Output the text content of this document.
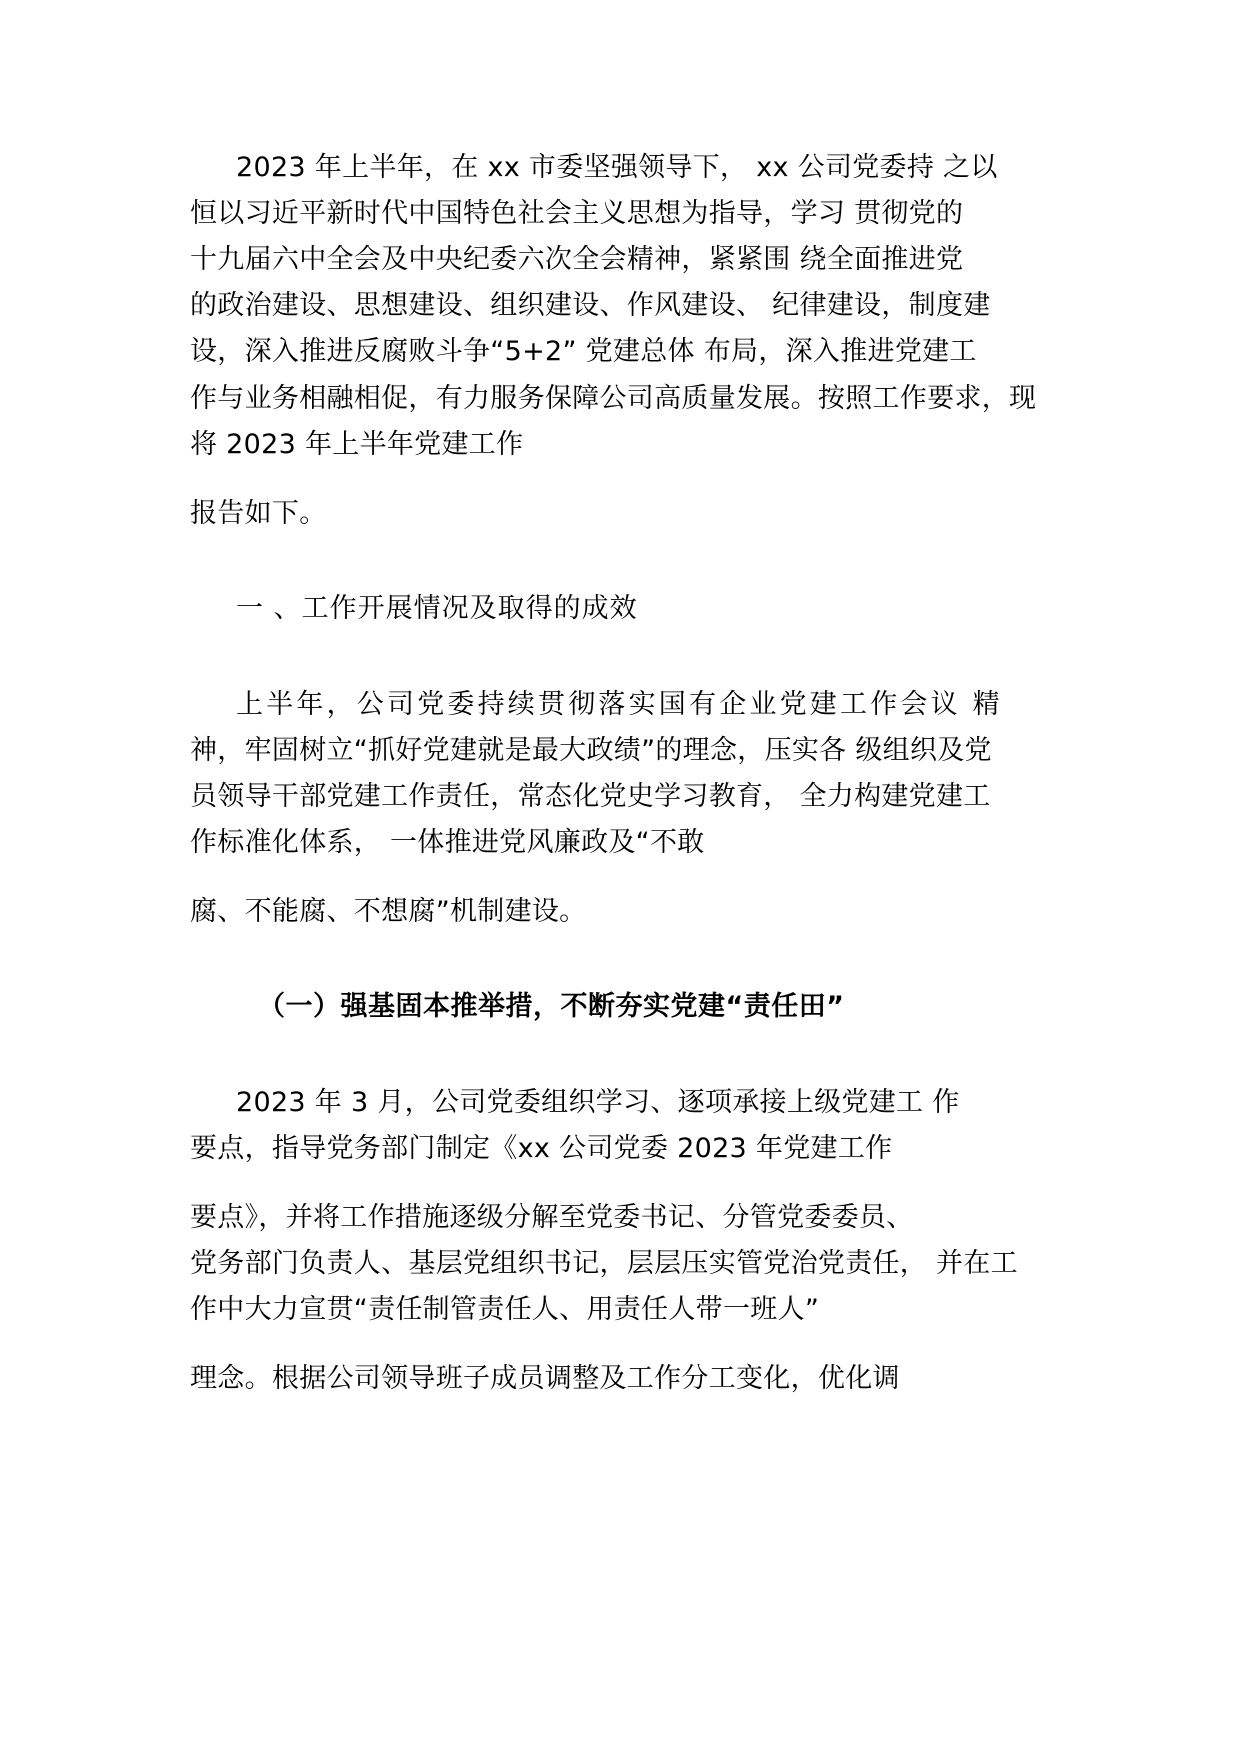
2023 年上半年，在 xx 市委坚强领导下， xx 公司党委持 之以
恒以习近平新时代中国特色社会主义思想为指导，学习 贯彻党的
十九届六中全会及中央纪委六次全会精神，紧紧围 绕全面推进党
的政治建设、思想建设、组织建设、作风建设、 纪律建设，制度建
设，深入推进反腐败斗争“5+2” 党建总体 布局，深入推进党建工
作与业务相融相促，有力服务保障公司高质量发展。按照工作要求，现
将 2023 年上半年党建工作
报告如下。
一 、工作开展情况及取得的成效
上半年，公司党委持续贯彻落实国有企业党建工作会议 精
神，牢固树立“抓好党建就是最大政绩”的理念，压实各 级组织及党
员领导干部党建工作责任，常态化党史学习教育， 全力构建党建工
作标准化体系， 一体推进党风廉政及“不敢
腐、不能腐、不想腐”机制建设。
（一）强基固本推举措，不断夯实党建“责任田”
2023 年 3 月，公司党委组织学习、逐项承接上级党建工 作
要点，指导党务部门制定《xx 公司党委 2023 年党建工作
要点》，并将工作措施逐级分解至党委书记、分管党委委员、
党务部门负责人、基层党组织书记，层层压实管党治党责任， 并在工
作中大力宣贯“责任制管责任人、用责任人带一班人”
理念。根据公司领导班子成员调整及工作分工变化，优化调
